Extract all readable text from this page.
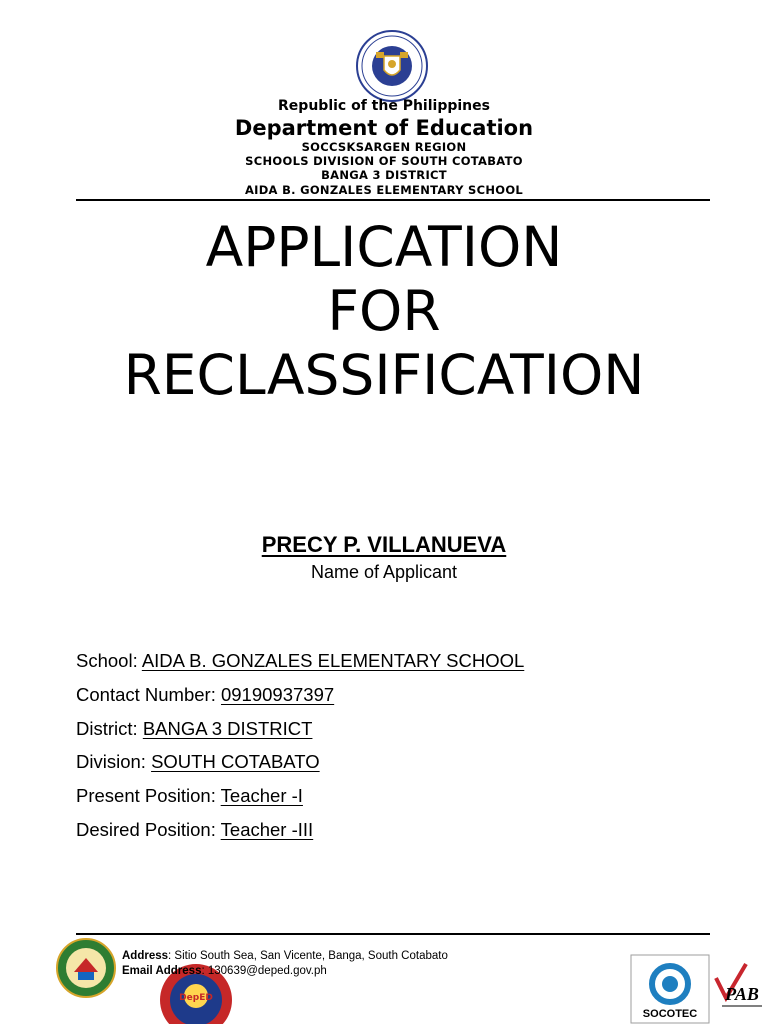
Republic of the Philippines
Department of Education
SOCCSKSARGEN REGION
SCHOOLS DIVISION OF SOUTH COTABATO
BANGA 3 DISTRICT
AIDA B. GONZALES ELEMENTARY SCHOOL
APPLICATION
FOR
RECLASSIFICATION
PRECY P. VILLANUEVA
Name of Applicant
School: AIDA B. GONZALES ELEMENTARY SCHOOL
Contact Number: 09190937397
District: BANGA 3 DISTRICT
Division: SOUTH COTABATO
Present Position: Teacher -I
Desired Position: Teacher -III
DepED
Address: Sitio South Sea, San Vicente, Banga, South Cotabato
Email Address: 130639@deped.gov.ph
SOCOTEC
PAB
